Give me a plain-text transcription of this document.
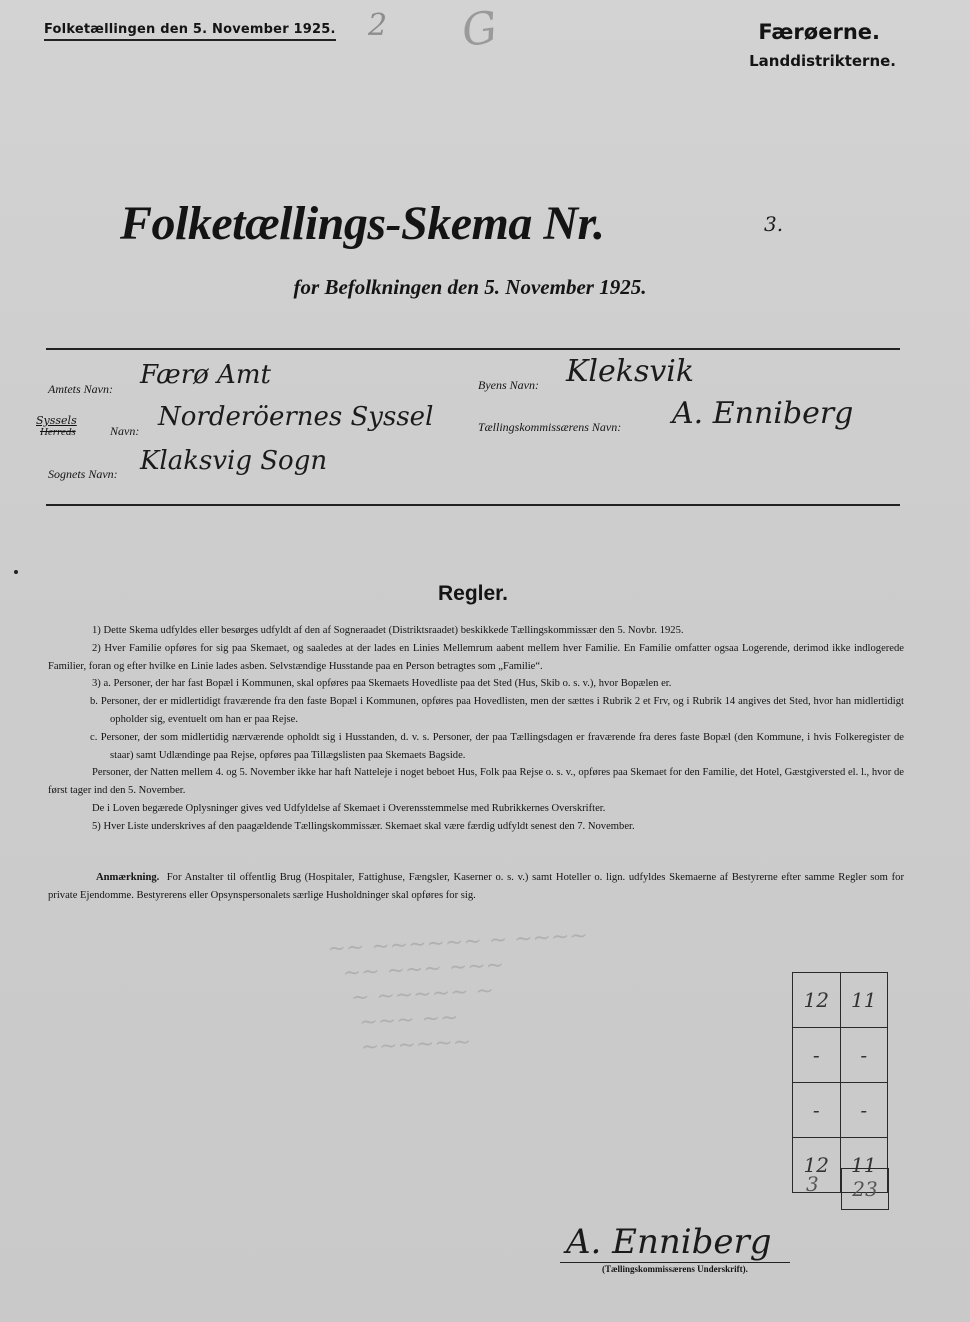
Folketællingen den 5. November 1925. 2 G	Færøerne.
Landdistrikterne.
Folketællings-Skema Nr.	3.
for Befolkningen den 5. November 1925.
Amtets Navn: Færø Amt	Byens Navn: Kleksvik
Syssels
Herreds	Navn: Norderöernes Syssel	Tællingskommissærens Navn: A. Enniberg
Sognets Navn: Klaksvig Sogn
Regler.

1) Dette Skema udfyldes eller besørges udfyldt af den af Sogneraadet (Distriktsraadet) beskikkede Tællingskommissær den 5. Novbr. 1925.

2) Hver Familie opføres for sig paa Skemaet, og saaledes at der lades en Linies Mellemrum aabent mellem hver Familie. En Familie omfatter ogsaa Logerende, derimod ikke indlogerede Familier, foran og efter hvilke en Linie lades asben. Selvstændige Husstande paa en Person betragtes som „Familie“.

3) a. Personer, der har fast Bopæl i Kommunen, skal opføres paa Skemaets Hovedliste paa det Sted (Hus, Skib o. s. v.), hvor Bopælen er.

b. Personer, der er midlertidigt fraværende fra den faste Bopæl i Kommunen, opføres paa Hovedlisten, men der sættes i Rubrik 2 et Frv, og i Rubrik 14 angives det Sted, hvor han midlertidigt opholder sig, eventuelt om han er paa Rejse.

c. Personer, der som midlertidig nærværende opholdt sig i Husstanden, d. v. s. Personer, der paa Tællingsdagen er fraværende fra deres faste Bopæl (den Kommune, i hvis Folkeregister de staar) samt Udlændinge paa Rejse, opføres paa Tillægslisten paa Skemaets Bagside.

Personer, der Natten mellem 4. og 5. November ikke har haft Natteleje i noget beboet Hus, Folk paa Rejse o. s. v., opføres paa Skemaet for den Familie, det Hotel, Gæstgiversted el. l., hvor de først tager ind den 5. November.

De i Loven begærede Oplysninger gives ved Udfyldelse af Skemaet i Overensstemmelse med Rubrikkernes Overskrifter.

5) Hver Liste underskrives af den paagældende Tællingskommissær. Skemaet skal være færdig udfyldt senest den 7. November.

Anmærkning. For Anstalter til offentlig Brug (Hospitaler, Fattighuse, Fængsler, Kaserner o. s. v.) samt Hoteller o. lign. udfyldes Skemaerne af Bestyrerne efter samme Regler som for private Ejendomme. Bestyrerens eller Opsynspersonalets særlige Husholdninger skal opføres for sig.

~~ ~~~~~~ ~ ~~~~
~~ ~~~ ~~~
~ ~~~~~ ~
~~~ ~~
~~~~~~
12	11
-	-
-	-
12	11
3	23
A. Enniberg
(Tællingskommissærens Underskrift).
